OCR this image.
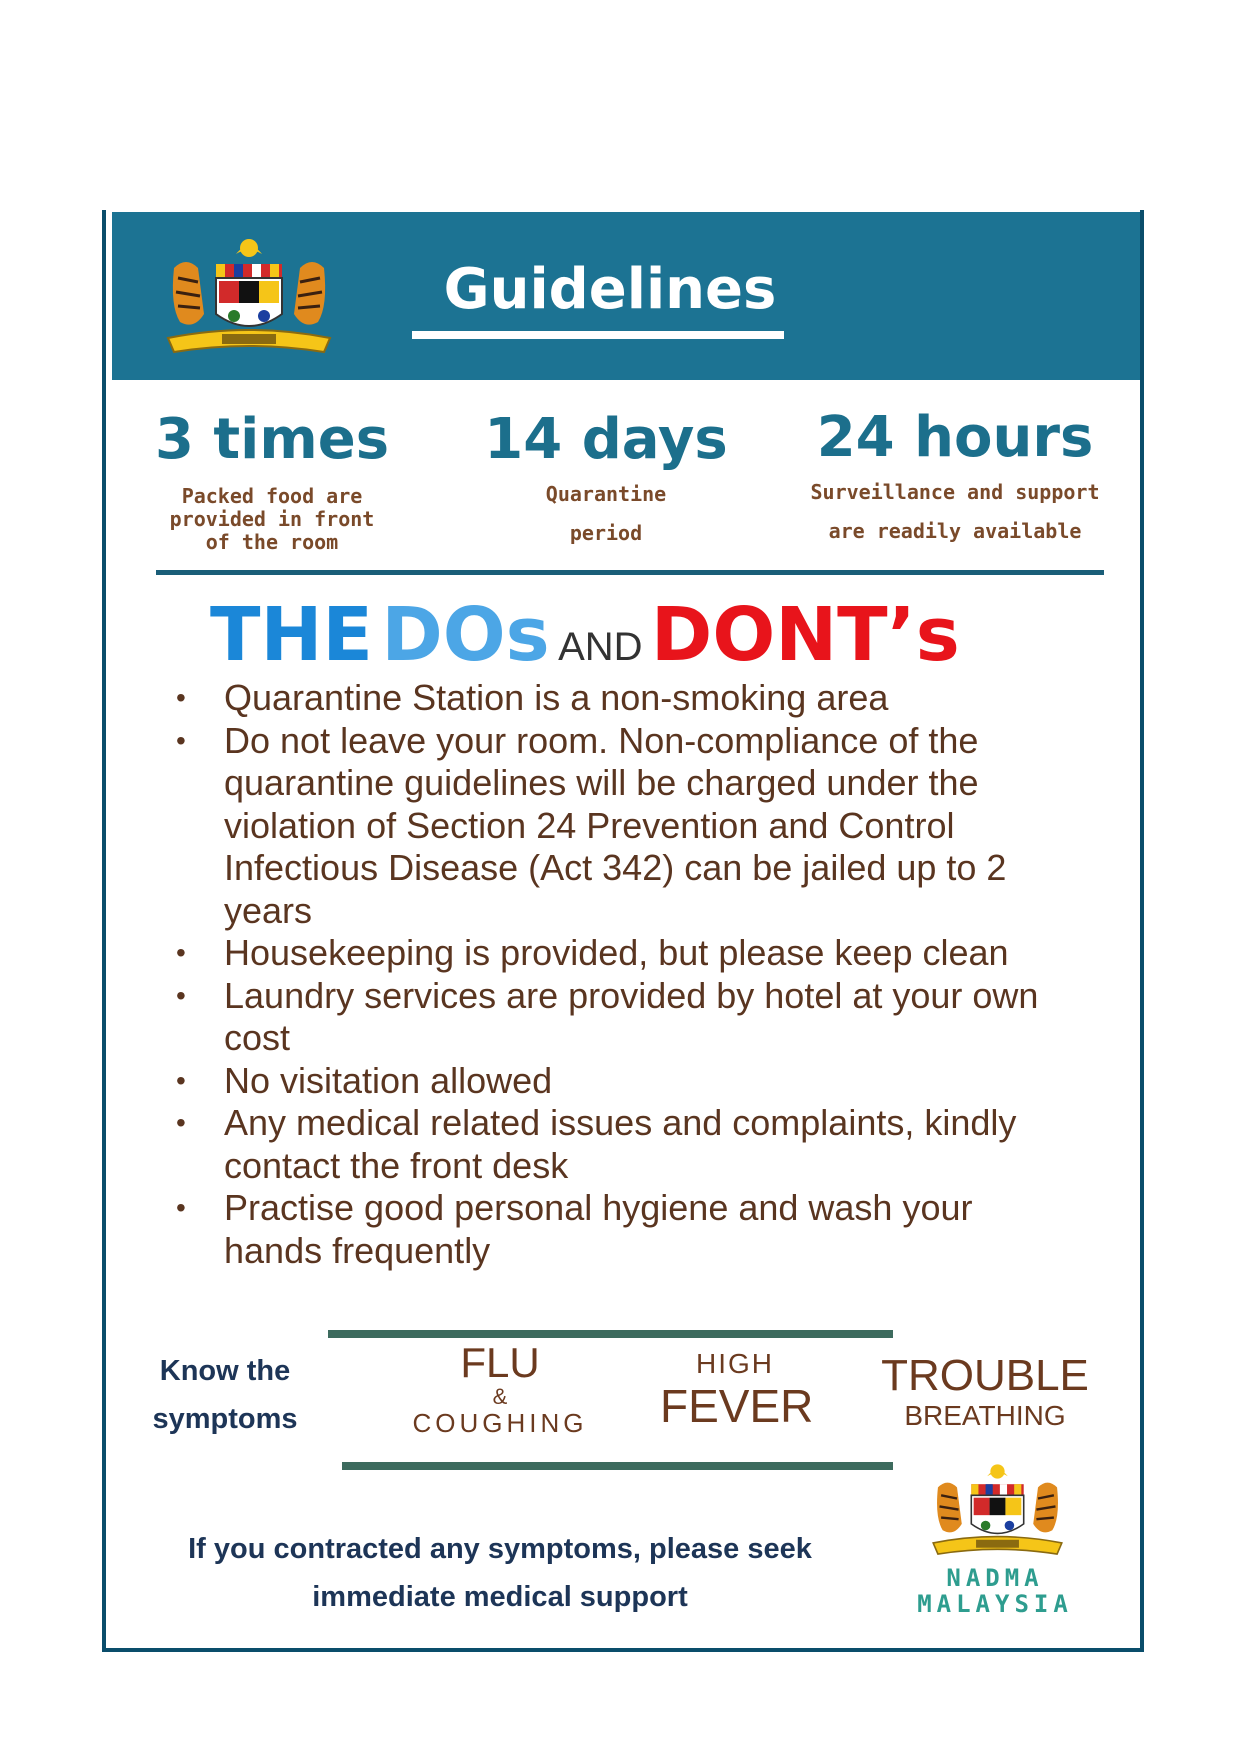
Guidelines

3 times

Packed food are
provided in front
of the room

14 days

Quarantine
period

24 hours

Surveillance and support
are readily available
THE DOs AND DONT’s
• Quarantine Station is a non-smoking area
• Do not leave your room. Non-compliance of the quarantine guidelines will be charged under the violation of Section 24 Prevention and Control Infectious Disease (Act 342) can be jailed up to 2 years
• Housekeeping is provided, but please keep clean
• Laundry services are provided by hotel at your own cost
• No visitation allowed
• Any medical related issues and complaints, kindly contact the front desk
• Practise good personal hygiene and wash your hands frequently

Know the
symptoms

FLU
&
COUGHING
HIGH
FEVER
TROUBLE
BREATHING

If you contracted any symptoms, please seek
immediate medical support

NADMA
MALAYSIA
